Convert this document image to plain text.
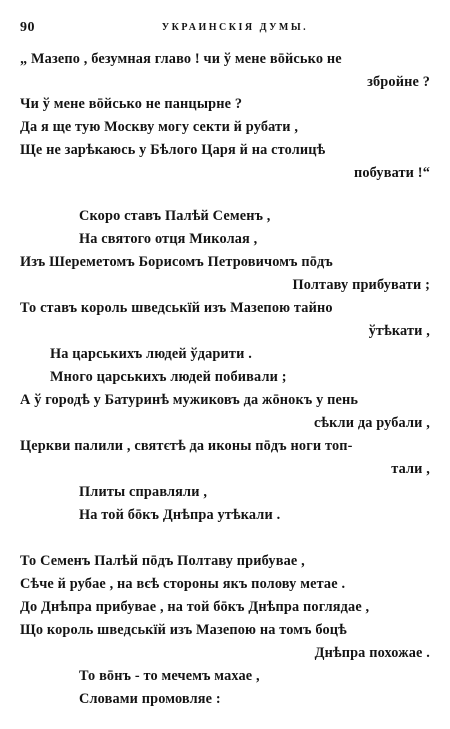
90	УКРАИНСКІЯ ДУМЫ.
„ Мазепо , безумная главо ! чи ў мене вōйсько не
збройне ?
Чи ў мене вōйсько не панцырне ?
Да я ще тую Москву могу секти й рубати ,
Ще не зарѣкаюсь у Бѣлого Царя й на столицѣ
побувати !“
Скоро ставъ Палѣй Семенъ ,
На святого отця Миколая ,
Изъ Шереметомъ Борисомъ Петровичомъ пōдъ
Полтаву прибувати ;
То ставъ король шведськїй изъ Мазепою тайно
ўтѣкати ,
На царськихъ людей ўдарити .
Много царськихъ людей побивали ;
А ў городѣ у Батуринѣ мужиковъ да жōнокъ у пень
сѣкли да рубали ,
Церкви палили , святєтѣ да иконы пōдъ ноги топ-
тали ,
Плиты справляли ,
На той бōкъ Днѣпра утѣкали .
То Семенъ Палѣй пōдъ Полтаву прибувае ,
Сѣче й рубае , на вєѣ стороны якъ полову метае .
До Днѣпра прибувае , на той бōкъ Днѣпра поглядае ,
Що король шведськїй изъ Мазепою на томъ боцѣ
Днѣпра похожае .
То вōнъ - то мечемъ махае ,
Словами промовляе :
